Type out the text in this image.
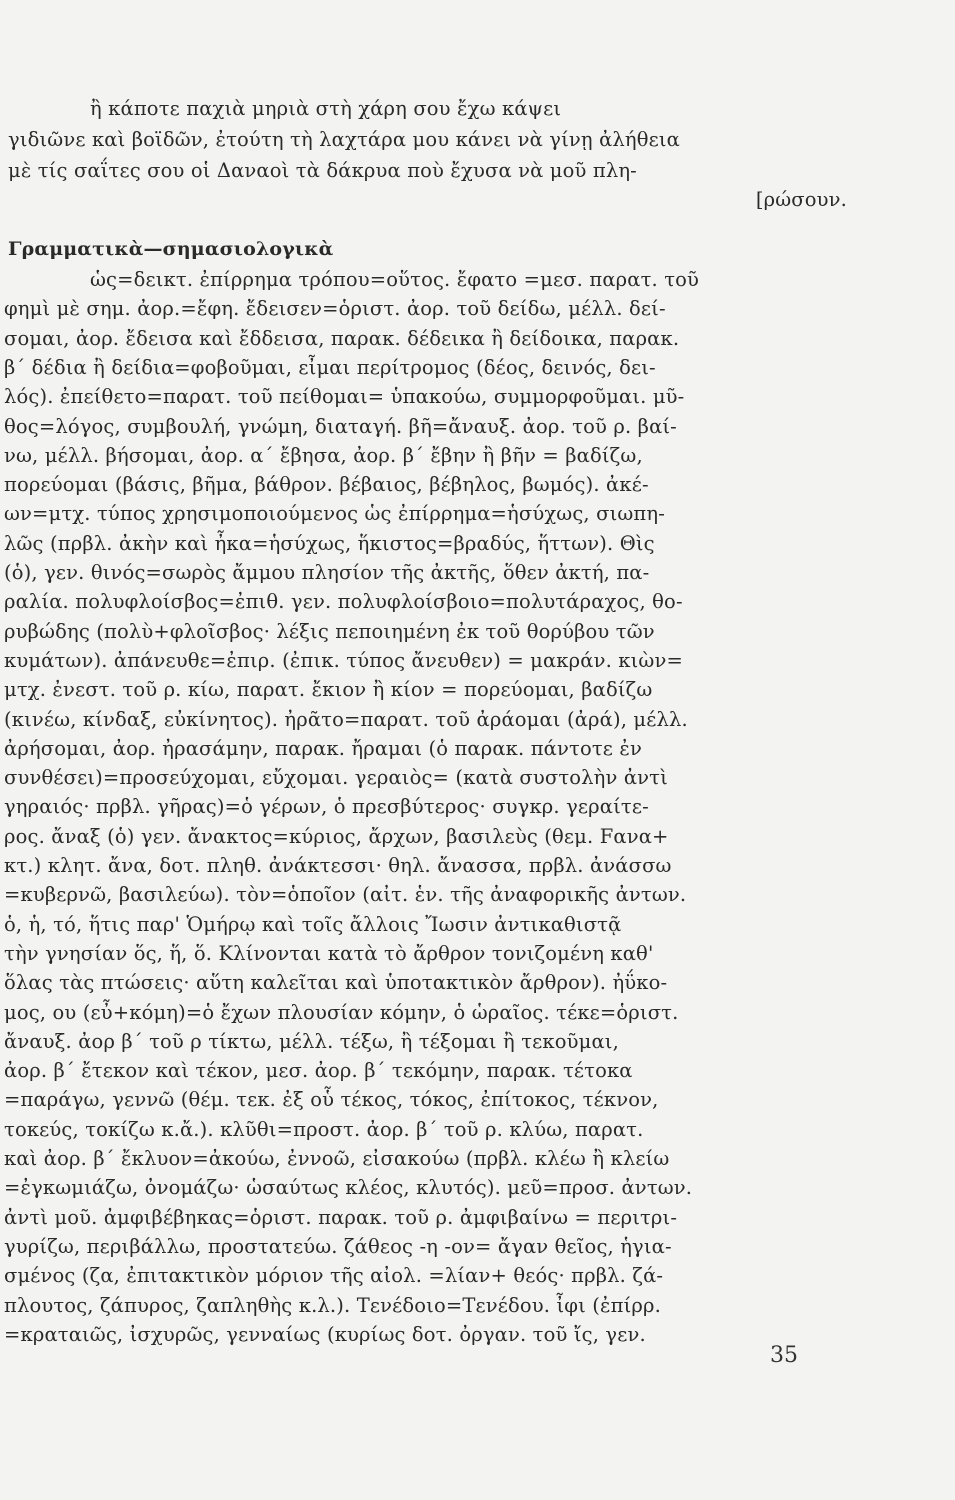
ἢ κάποτε παχιὰ μηριὰ στὴ χάρη σου ἔχω κάψει
γιδιῶνε καὶ βοϊδῶν, ἐτούτη τὴ λαχτάρα μου κάνει νὰ γίνῃ ἀλήθεια
μὲ τίς σαΐτες σου οἱ Δαναοὶ τὰ δάκρυα ποὺ ἔχυσα νὰ μοῦ πλη-
[ρώσουν.
Γραμματικὰ—σημασιολογικὰ
ὡς=δεικτ. ἐπίρρημα τρόπου=οὕτος. ἔφατο =μεσ. παρατ. τοῦ
φημὶ μὲ σημ. ἀορ.=ἔφη. ἔδεισεν=ὁριστ. ἀορ. τοῦ δείδω, μέλλ. δεί-
σομαι, ἀορ. ἔδεισα καὶ ἔδδεισα, παρακ. δέδεικα ἢ δείδοικα, παρακ.
β΄ δέδια ἢ δείδια=φοβοῦμαι, εἶμαι περίτρομος (δέος, δεινός, δει-
λός). ἐπείθετο=παρατ. τοῦ πείθομαι= ὑπακούω, συμμορφοῦμαι. μῦ-
θος=λόγος, συμβουλή, γνώμη, διαταγή. βῆ=ἄναυξ. ἀορ. τοῦ ρ. βαί-
νω, μέλλ. βήσομαι, ἀορ. α΄ ἔβησα, ἀορ. β΄ ἔβην ἢ βῆν = βαδίζω,
πορεύομαι (βάσις, βῆμα, βάθρον. βέβαιος, βέβηλος, βωμός). ἀκέ-
ων=μτχ. τύπος χρησιμοποιούμενος ὡς ἐπίρρημα=ἡσύχως, σιωπη-
λῶς (πρβλ. ἀκὴν καὶ ἦκα=ἡσύχως, ἥκιστος=βραδύς, ἥττων). Θὶς
(ὁ), γεν. θινός=σωρὸς ἄμμου πλησίον τῆς ἀκτῆς, ὅθεν ἀκτή, πα-
ραλία. πολυφλοίσβος=ἐπιθ. γεν. πολυφλοίσβοιο=πολυτάραχος, θο-
ρυβώδης (πολὺ+φλοῖσβος· λέξις πεποιημένη ἐκ τοῦ θορύβου τῶν
κυμάτων). ἀπάνευθε=ἐπιρ. (ἐπικ. τύπος ἄνευθεν) = μακράν. κιὼν=
μτχ. ἐνεστ. τοῦ ρ. κίω, παρατ. ἔκιον ἢ κίον = πορεύομαι, βαδίζω
(κινέω, κίνδαξ, εὐκίνητος). ἠρᾶτο=παρατ. τοῦ ἀράομαι (ἀρά), μέλλ.
ἀρήσομαι, ἀορ. ἠρασάμην, παρακ. ἤραμαι (ὁ παρακ. πάντοτε ἐν
συνθέσει)=προσεύχομαι, εὔχομαι. γεραιὸς= (κατὰ συστολὴν ἀντὶ
γηραιός· πρβλ. γῆρας)=ὁ γέρων, ὁ πρεσβύτερος· συγκρ. γεραίτε-
ρος. ἄναξ (ὁ) γεν. ἄνακτος=κύριος, ἄρχων, βασιλεὺς (θεμ. Fανα+
κτ.) κλητ. ἄνα, δοτ. πληθ. ἀνάκτεσσι· θηλ. ἄνασσα, πρβλ. ἀνάσσω
=κυβερνῶ, βασιλεύω). τὸν=ὁποῖον (αἰτ. ἑν. τῆς ἀναφορικῆς ἀντων.
ὁ, ἡ, τό, ἥτις παρ' Ὁμήρῳ καὶ τοῖς ἄλλοις Ἴωσιν ἀντικαθιστᾷ
τὴν γνησίαν ὅς, ἥ, ὅ. Κλίνονται κατὰ τὸ ἄρθρον τονιζομένη καθ'
ὅλας τὰς πτώσεις· αὕτη καλεῖται καὶ ὑποτακτικὸν ἄρθρον). ἠΰκο-
μος, ου (εὖ+κόμη)=ὁ ἔχων πλουσίαν κόμην, ὁ ὡραῖος. τέκε=ὁριστ.
ἄναυξ. ἀορ β΄ τοῦ ρ τίκτω, μέλλ. τέξω, ἢ τέξομαι ἢ τεκοῦμαι,
ἀορ. β΄ ἔτεκον καὶ τέκον, μεσ. ἀορ. β΄ τεκόμην, παρακ. τέτοκα
=παράγω, γεννῶ (θέμ. τεκ. ἐξ οὗ τέκος, τόκος, ἐπίτοκος, τέκνον,
τοκεύς, τοκίζω κ.ἄ.). κλῦθι=προστ. ἀορ. β΄ τοῦ ρ. κλύω, παρατ.
καὶ ἀορ. β΄ ἔκλυον=ἀκούω, ἐννοῶ, εἰσακούω (πρβλ. κλέω ἢ κλείω
=ἐγκωμιάζω, ὀνομάζω· ὡσαύτως κλέος, κλυτός). μεῦ=προσ. ἀντων.
ἀντὶ μοῦ. ἀμφιβέβηκας=ὁριστ. παρακ. τοῦ ρ. ἀμφιβαίνω = περιτρι-
γυρίζω, περιβάλλω, προστατεύω. ζάθεος -η -ον= ἄγαν θεῖος, ἡγια-
σμένος (ζα, ἐπιτακτικὸν μόριον τῆς αἰολ. =λίαν+ θεός· πρβλ. ζά-
πλουτος, ζάπυρος, ζαπληθὴς κ.λ.). Τενέδοιο=Τενέδου. ἶφι (ἐπίρρ.
=κραταιῶς, ἰσχυρῶς, γενναίως (κυρίως δοτ. ὀργαν. τοῦ ἴς, γεν.
35
